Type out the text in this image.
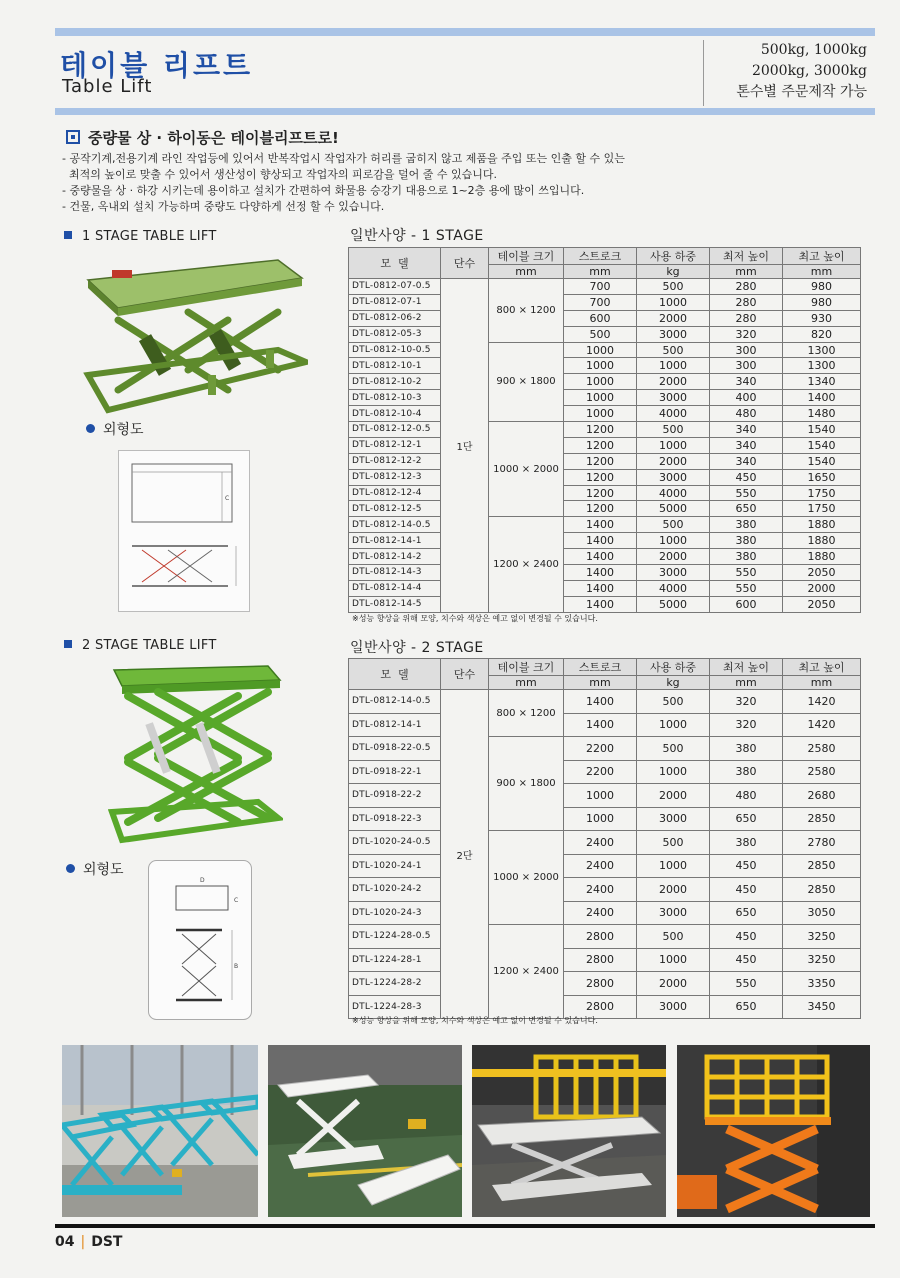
테이블 리프트
Table Lift
500kg, 1000kg
2000kg, 3000kg
톤수별 주문제작 가능
중량물 상 · 하이동은 테이블리프트로!
- 공작기계,전용기계 라인 작업등에 있어서 반복작업시 작업자가 허리를 굽히지 않고 제품을 주입 또는 인출 할 수 있는
최적의 높이로 맞출 수 있어서 생산성이 향상되고 작업자의 피로감을 덜어 줄 수 있습니다.
- 중량물을 상 · 하강 시키는데 용이하고 설치가 간편하여 화물용 승강기 대용으로 1~2층 용에 많이 쓰입니다.
- 건물, 옥내외 설치 가능하며 중량도 다양하게 선정 할 수 있습니다.
1 STAGE TABLE LIFT
외형도
C
일반사양 - 1 STAGE
모  델	단수	테이블 크기	스트로크	사용 하중	최저 높이	최고 높이
		mm	mm	kg	mm	mm
DTL-0812-07-0.5	1단	800 × 1200	700	500	280	980
DTL-0812-07-1			700	1000	280	980
DTL-0812-06-2			600	2000	280	930
DTL-0812-05-3			500	3000	320	820
DTL-0812-10-0.5		900 × 1800	1000	500	300	1300
DTL-0812-10-1			1000	1000	300	1300
DTL-0812-10-2			1000	2000	340	1340
DTL-0812-10-3			1000	3000	400	1400
DTL-0812-10-4			1000	4000	480	1480
DTL-0812-12-0.5		1000 × 2000	1200	500	340	1540
DTL-0812-12-1			1200	1000	340	1540
DTL-0812-12-2			1200	2000	340	1540
DTL-0812-12-3			1200	3000	450	1650
DTL-0812-12-4			1200	4000	550	1750
DTL-0812-12-5			1200	5000	650	1750
DTL-0812-14-0.5		1200 × 2400	1400	500	380	1880
DTL-0812-14-1			1400	1000	380	1880
DTL-0812-14-2			1400	2000	380	1880
DTL-0812-14-3			1400	3000	550	2050
DTL-0812-14-4			1400	4000	550	2000
DTL-0812-14-5			1400	5000	600	2050
※성능 향상을 위해 모양, 치수와 색상은 예고 없이 변경될 수 있습니다.
2 STAGE TABLE LIFT
외형도
D
C
B
일반사양 - 2 STAGE
모  델	단수	테이블 크기	스트로크	사용 하중	최저 높이	최고 높이
		mm	mm	kg	mm	mm
DTL-0812-14-0.5	2단	800 × 1200	1400	500	320	1420
DTL-0812-14-1			1400	1000	320	1420
DTL-0918-22-0.5		900 × 1800	2200	500	380	2580
DTL-0918-22-1			2200	1000	380	2580
DTL-0918-22-2			1000	2000	480	2680
DTL-0918-22-3			1000	3000	650	2850
DTL-1020-24-0.5		1000 × 2000	2400	500	380	2780
DTL-1020-24-1			2400	1000	450	2850
DTL-1020-24-2			2400	2000	450	2850
DTL-1020-24-3			2400	3000	650	3050
DTL-1224-28-0.5		1200 × 2400	2800	500	450	3250
DTL-1224-28-1			2800	1000	450	3250
DTL-1224-28-2			2800	2000	550	3350
DTL-1224-28-3			2800	3000	650	3450
※성능 향상을 위해 모양, 치수와 색상은 예고 없이 변경될 수 있습니다.
04 | DST
